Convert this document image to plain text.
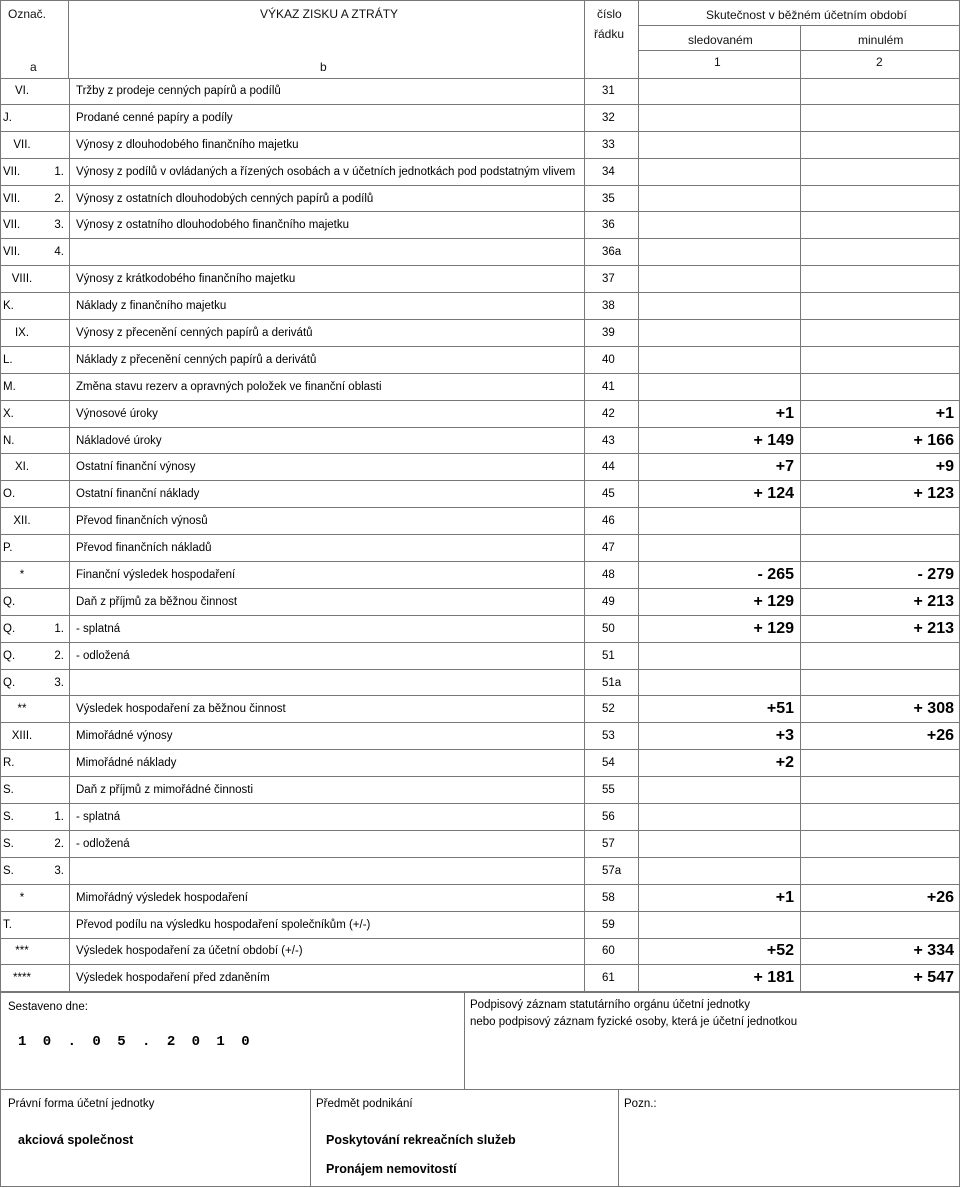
Označ.	VÝKAZ ZISKU A ZTRÁTY	číslo
řádku
Skutečnost v běžném účetním období
sledovaném	minulém
a	b	1	2
VI.	Tržby z prodeje cenných papírů a podílů	31
J.	Prodané cenné papíry a podíly	32
VII.	Výnosy z dlouhodobého finančního majetku	33
VII.	1.	Výnosy z podílů v ovládaných a řízených osobách a v účetních jednotkách pod podstatným vlivem	34
VII.	2.	Výnosy z ostatních dlouhodobých cenných papírů a podílů	35
VII.	3.	Výnosy z ostatního dlouhodobého finančního majetku	36
VII.	4.	36a
VIII.	Výnosy z krátkodobého finančního majetku	37
K.	Náklady z finančního majetku	38
IX.	Výnosy z přecenění cenných papírů a derivátů	39
L.	Náklady z přecenění cenných papírů a derivátů	40
M.	Změna stavu rezerv a opravných položek ve finanční oblasti	41
X.	Výnosové úroky	42	+1	+1
N.	Nákladové úroky	43	+ 149	+ 166
XI.	Ostatní finanční výnosy	44	+7	+9
O.	Ostatní finanční náklady	45	+ 124	+ 123
XII.	Převod finančních výnosů	46
P.	Převod finančních nákladů	47
*	Finanční výsledek hospodaření	48	- 265	- 279
Q.	Daň z příjmů za běžnou činnost	49	+ 129	+ 213
Q.	1.	- splatná	50	+ 129	+ 213
Q.	2.	- odložená	51
Q.	3.	51a
**	Výsledek hospodaření za běžnou činnost	52	+51	+ 308
XIII.	Mimořádné výnosy	53	+3	+26
R.	Mimořádné náklady	54	+2
S.	Daň z příjmů z mimořádné činnosti	55
S.	1.	- splatná	56
S.	2.	- odložená	57
S.	3.	57a
*	Mimořádný výsledek hospodaření	58	+1	+26
T.	Převod podílu na výsledku hospodaření společníkům (+/-)	59
***	Výsledek hospodaření za účetní období (+/-)	60	+52	+ 334
****	Výsledek hospodaření před zdaněním	61	+ 181	+ 547
Sestaveno dne:
1 0 . 0 5 . 2 0 1 0
Podpisový záznam statutárního orgánu účetní jednotky
nebo podpisový záznam fyzické osoby, která je účetní jednotkou
Právní forma účetní jednotky
akciová společnost
Předmět podnikání
Poskytování rekreačních služeb
Pronájem nemovitostí
Pozn.:
